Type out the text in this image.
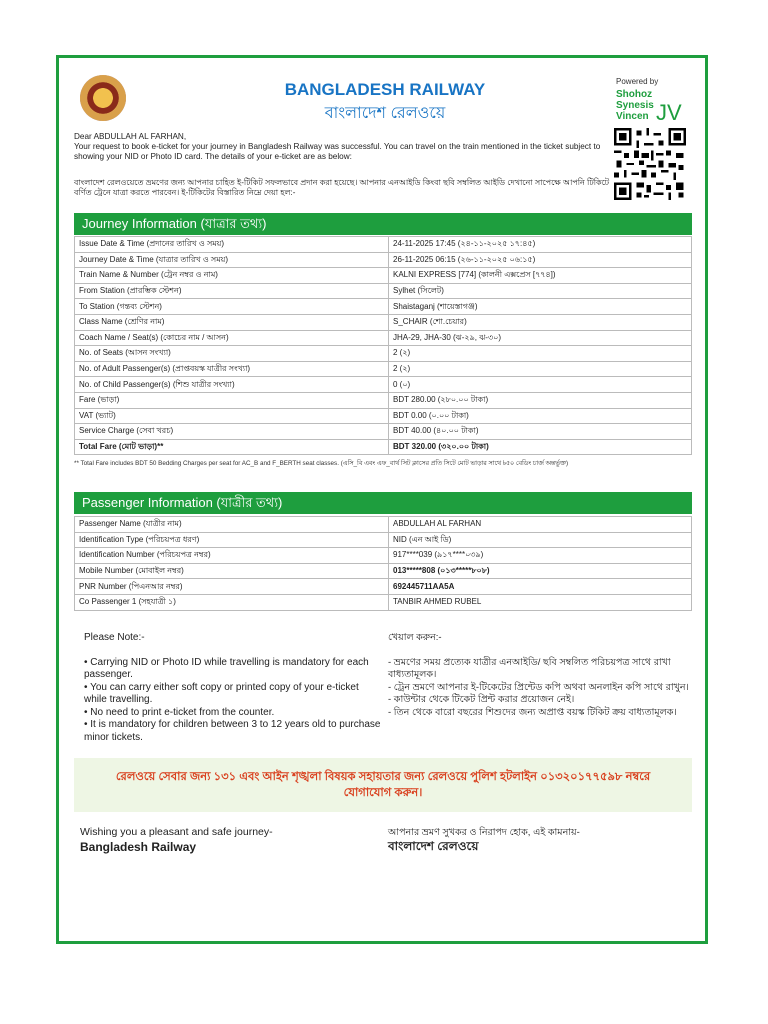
BANGLADESH RAILWAY
বাংলাদেশ রেলওয়ে
Powered by
Shohoz
Synesis
Vincen JV
Dear ABDULLAH AL FARHAN,
Your request to book e-ticket for your journey in Bangladesh Railway was successful. You can travel on the train mentioned in the ticket subject to showing your NID or Photo ID card. The details of your e-ticket are as below:
বাংলাদেশ রেলওয়েতে ভ্রমণের জন্য আপনার চাহিত ই-টিকিট সফলভাবে প্রদান করা হয়েছে। আপনার এনআইডি কিংবা ছবি সম্বলিত আইডি দেখানো সাপেক্ষে আপনি টিকিটে বর্ণিত ট্রেনে যাত্রা করতে পারবেন। ই-টিকিটের বিস্তারিত নিম্নে দেয়া হল:-
Journey Information (যাত্রার তথ্য)
Issue Date & Time (প্রদানের তারিখ ও সময়)	24-11-2025 17:45 (২৪-১১-২০২৫ ১৭:৪৫)
Journey Date & Time (যাত্রার তারিখ ও সময়)	26-11-2025 06:15 (২৬-১১-২০২৫ ০৬:১৫)
Train Name & Number (ট্রেন নম্বর ও নাম)	KALNI EXPRESS [774] (কালনী এক্সপ্রেস [৭৭৪])
From Station (প্রারম্ভিক স্টেশন)	Sylhet (সিলেট)
To Station (গন্তব্য স্টেশন)	Shaistaganj (শায়েস্তাগঞ্জ)
Class Name (শ্রেণির নাম)	S_CHAIR (শো.চেয়ার)
Coach Name / Seat(s) (কোচের নাম / আসন)	JHA-29, JHA-30 (ঝ-২৯, ঝ-৩০)
No. of Seats (আসন সংখ্যা)	2 (২)
No. of Adult Passenger(s) (প্রাপ্তবয়স্ক যাত্রীর সংখ্যা)	2 (২)
No. of Child Passenger(s) (শিশু যাত্রীর সংখ্যা)	0 (০)
Fare (ভাড়া)	BDT 280.00 (২৮০.০০ টাকা)
VAT (ভ্যাট)	BDT 0.00 (০.০০ টাকা)
Service Charge (সেবা খরচ)	BDT 40.00 (৪০.০০ টাকা)
Total Fare (মোট ভাড়া)**	BDT 320.00 (৩২০.০০ টাকা)
** Total Fare includes BDT 50 Bedding Charges per seat for AC_B and F_BERTH seat classes. (এসি_বি এবং এফ_বার্থ সিট ক্লাসের প্রতি সিটে মোট ভাড়ার সাথে ৳৫০ বেডিং চার্জ অন্তর্ভুক্ত)
Passenger Information (যাত্রীর তথ্য)
Passenger Name (যাত্রীর নাম)	ABDULLAH AL FARHAN
Identification Type (পরিচয়পত্র ধরণ)	NID (এন আই ডি)
Identification Number (পরিচয়পত্র নম্বর)	917****039 (৯১৭****০৩৯)
Mobile Number (মোবাইল নম্বর)	013*****808 (০১৩*****৮০৮)
PNR Number (পিএনআর নম্বর)	692445711AA5A
Co Passenger 1 (সহযাত্রী ১)	TANBIR AHMED RUBEL

Please Note:-

• Carrying NID or Photo ID while travelling is mandatory for each passenger.

• You can carry either soft copy or printed copy of your e-ticket while travelling.

• No need to print e-ticket from the counter.

• It is mandatory for children between 3 to 12 years old to purchase minor tickets.

খেয়াল করুন:-

- ভ্রমণের সময় প্রত্যেক যাত্রীর এনআইডি/ ছবি সম্বলিত পরিচয়পত্র সাথে রাখা বাধ্যতামূলক।

- ট্রেন ভ্রমণে আপনার ই-টিকেটের প্রিন্টেড কপি অথবা অনলাইন কপি সাথে রাখুন।

- কাউন্টার থেকে টিকেট প্রিন্ট করার প্রয়োজন নেই।

- তিন থেকে বারো বছরের শিশুদের জন্য অপ্রাপ্ত বয়স্ক টিকিট ক্রয় বাধ্যতামূলক।

রেলওয়ে সেবার জন্য ১৩১ এবং আইন শৃঙ্খলা বিষয়ক সহায়তার জন্য রেলওয়ে পুলিশ হটলাইন ০১৩২০১৭৭৫৯৮ নম্বরে যোগাযোগ করুন।
Wishing you a pleasant and safe journey-
Bangladesh Railway
আপনার ভ্রমণ সুখকর ও নিরাপদ হোক, এই কামনায়-
বাংলাদেশ রেলওয়ে
